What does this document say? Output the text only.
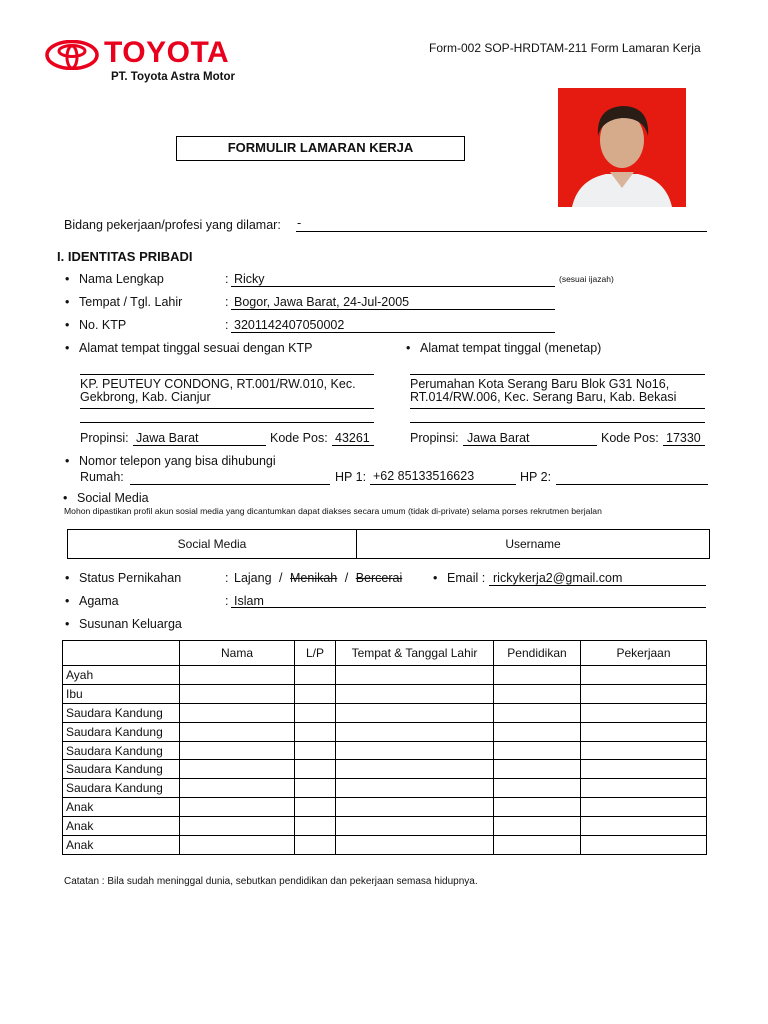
TOYOTA
PT. Toyota Astra Motor
Form-002 SOP-HRDTAM-211 Form Lamaran Kerja
FORMULIR LAMARAN KERJA
Bidang pekerjaan/profesi yang dilamar: -
I. IDENTITAS PRIBADI
• Nama Lengkap	: Ricky	(sesuai ijazah)
• Tempat / Tgl. Lahir	: Bogor, Jawa Barat, 24-Jul-2005
• No. KTP	: 3201142407050002
• Alamat tempat tinggal sesuai dengan KTP	• Alamat tempat tinggal (menetap)
KP. PEUTEUY CONDONG, RT.001/RW.010, Kec.
Gekbrong, Kab. Cianjur
Perumahan Kota Serang Baru Blok G31 No16,
RT.014/RW.006, Kec. Serang Baru, Kab. Bekasi
Propinsi: Jawa Barat	Kode Pos: 43261	Propinsi: Jawa Barat	Kode Pos: 17330
• Nomor telepon yang bisa dihubungi
Rumah:	HP 1: +62 85133516623	HP 2:
• Social Media
Mohon dipastikan profil akun sosial media yang dicantumkan dapat diakses secara umum (tidak di-private) selama porses rekrutmen berjalan
Social Media	Username
• Status Pernikahan	: Lajang / Menikah / Bercerai	• Email : rickykerja2@gmail.com
• Agama	: Islam
• Susunan Keluarga
	Nama	L/P	Tempat & Tanggal Lahir	Pendidikan	Pekerjaan
Ayah					
Ibu					
Saudara Kandung					
Saudara Kandung					
Saudara Kandung					
Saudara Kandung					
Saudara Kandung					
Anak					
Anak					
Anak					
Catatan : Bila sudah meninggal dunia, sebutkan pendidikan dan pekerjaan semasa hidupnya.
